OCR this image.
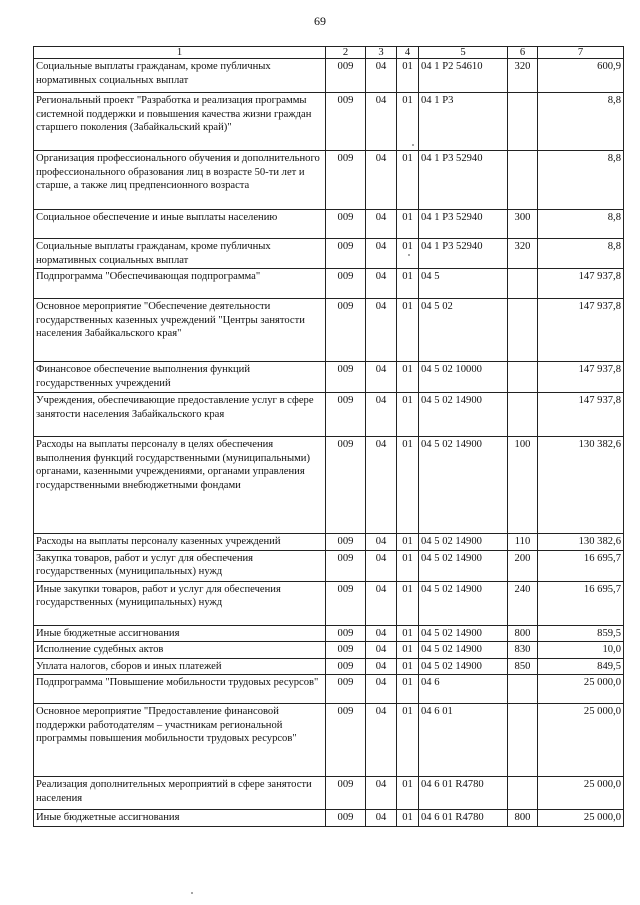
69
1	2	3	4	5	6	7
Социальные выплаты гражданам, кроме публичных нормативных социальных выплат	009	04	01	04 1 P2 54610	320	600,9
Региональный проект "Разработка и реализация программы системной поддержки и повышения качества жизни граждан старшего поколения (Забайкальский край)"	009	04	01	04 1 P3		8,8
Организация профессионального обучения и дополнительного профессионального образования лиц в возрасте 50-ти лет и старше, а также лиц предпенсионного возраста	009	04	01	04 1 P3 52940		8,8
Социальное обеспечение и иные выплаты населению	009	04	01	04 1 P3 52940	300	8,8
Социальные выплаты гражданам, кроме публичных нормативных социальных выплат	009	04	01	04 1 P3 52940	320	8,8
Подпрограмма "Обеспечивающая подпрограмма"	009	04	01	04 5		147 937,8
Основное мероприятие "Обеспечение деятельности государственных казенных учреждений "Центры занятости населения Забайкальского края"	009	04	01	04 5 02		147 937,8
Финансовое обеспечение выполнения функций государственных учреждений	009	04	01	04 5 02 10000		147 937,8
Учреждения, обеспечивающие предоставление услуг в сфере занятости населения Забайкальского края	009	04	01	04 5 02 14900		147 937,8
Расходы на выплаты персоналу в целях обеспечения выполнения функций государственными (муниципальными) органами, казенными учреждениями, органами управления государственными внебюджетными фондами	009	04	01	04 5 02 14900	100	130 382,6
Расходы на выплаты персоналу казенных учреждений	009	04	01	04 5 02 14900	110	130 382,6
Закупка товаров, работ и услуг для обеспечения государственных (муниципальных) нужд	009	04	01	04 5 02 14900	200	16 695,7
Иные закупки товаров, работ и услуг для обеспечения государственных (муниципальных) нужд	009	04	01	04 5 02 14900	240	16 695,7
Иные бюджетные ассигнования	009	04	01	04 5 02 14900	800	859,5
Исполнение судебных актов	009	04	01	04 5 02 14900	830	10,0
Уплата налогов, сборов и иных платежей	009	04	01	04 5 02 14900	850	849,5
Подпрограмма "Повышение мобильности трудовых ресурсов"	009	04	01	04 6		25 000,0
Основное мероприятие "Предоставление финансовой поддержки работодателям – участникам региональной программы повышения мобильности трудовых ресурсов"	009	04	01	04 6 01		25 000,0
Реализация дополнительных мероприятий в сфере занятости населения	009	04	01	04 6 01 R4780		25 000,0
Иные бюджетные ассигнования	009	04	01	04 6 01 R4780	800	25 000,0
